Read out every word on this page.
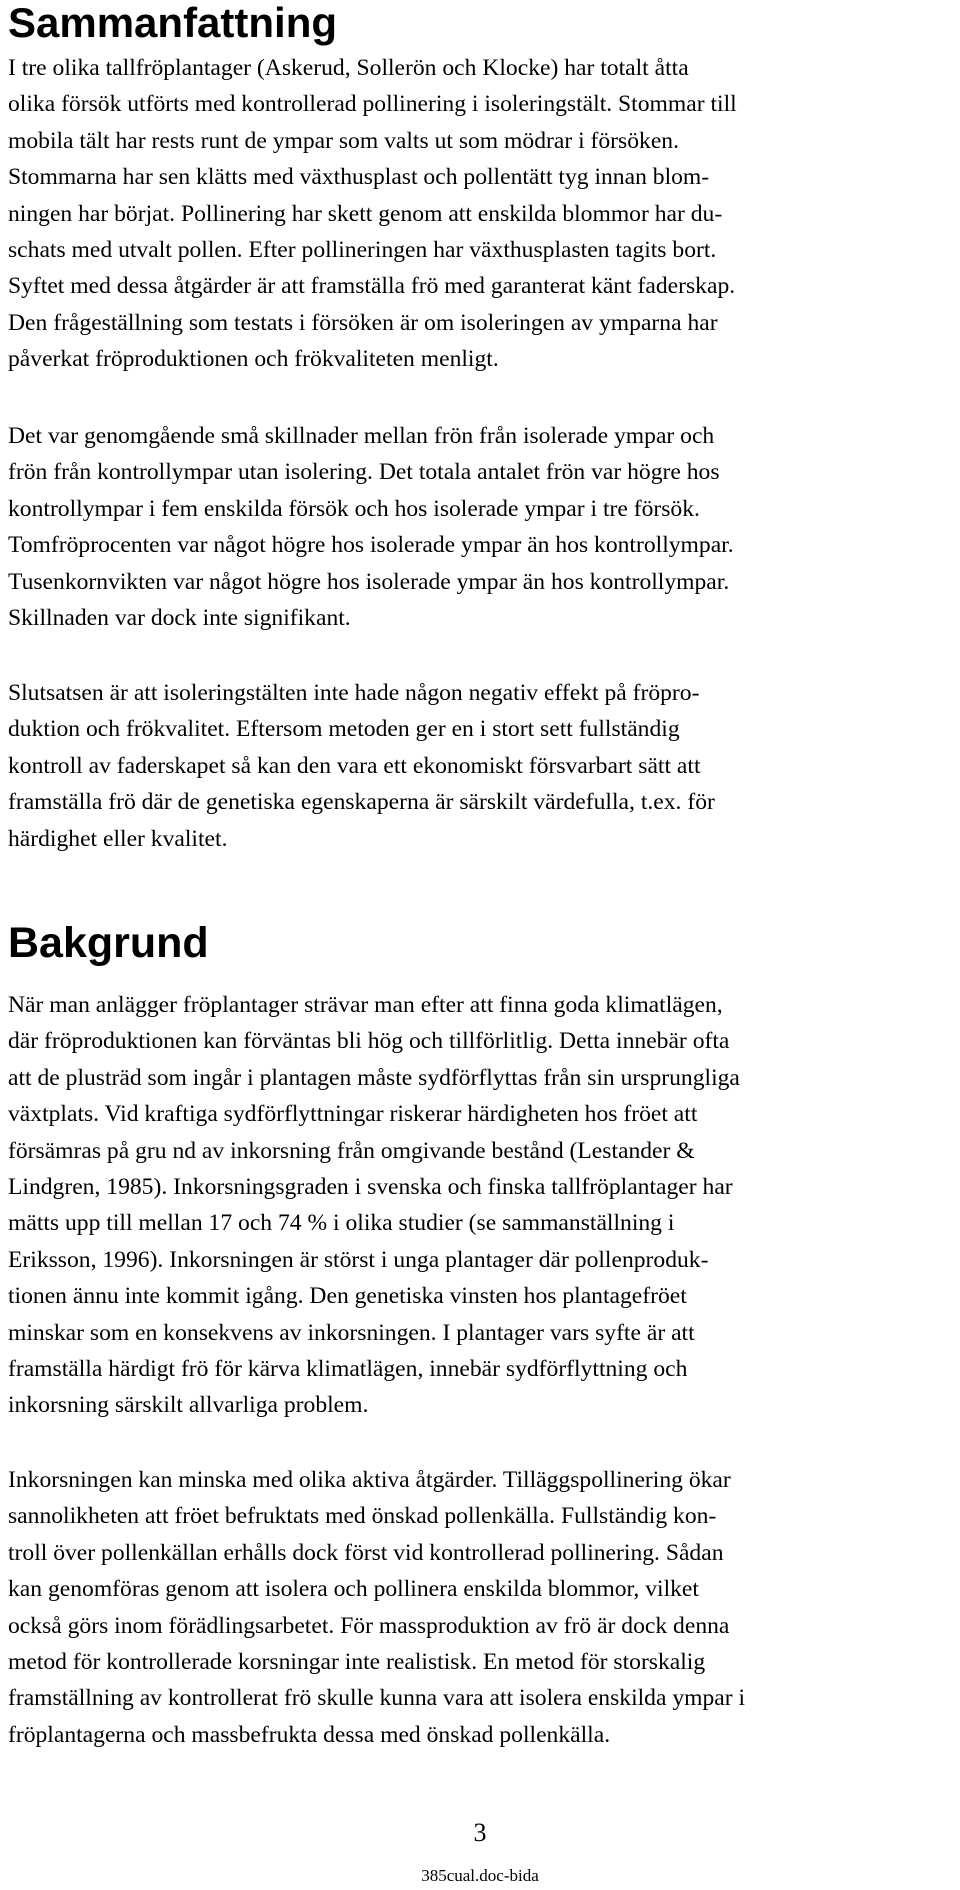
Sammanfattning

I tre olika tallfröplantager (Askerud, Sollerön och Klocke) har totalt åtta
olika försök utförts med kontrollerad pollinering i isoleringstält. Stommar till
mobila tält har rests runt de ympar som valts ut som mödrar i försöken.
Stommarna har sen klätts med växthusplast och pollentätt tyg innan blom-
ningen har börjat. Pollinering har skett genom att enskilda blommor har du-
schats med utvalt pollen. Efter pollineringen har växthusplasten tagits bort.
Syftet med dessa åtgärder är att framställa frö med garanterat känt faderskap.
Den frågeställning som testats i försöken är om isoleringen av ymparna har
påverkat fröproduktionen och frökvaliteten menligt.

Det var genomgående små skillnader mellan frön från isolerade ympar och
frön från kontrollympar utan isolering. Det totala antalet frön var högre hos
kontrollympar i fem enskilda försök och hos isolerade ympar i tre försök.
Tomfröprocenten var något högre hos isolerade ympar än hos kontrollympar.
Tusenkornvikten var något högre hos isolerade ympar än hos kontrollympar.
Skillnaden var dock inte signifikant.

Slutsatsen är att isoleringstälten inte hade någon negativ effekt på fröpro-
duktion och frökvalitet. Eftersom metoden ger en i stort sett fullständig
kontroll av faderskapet så kan den vara ett ekonomiskt försvarbart sätt att
framställa frö där de genetiska egenskaperna är särskilt värdefulla, t.ex. för
härdighet eller kvalitet.

Bakgrund

När man anlägger fröplantager strävar man efter att finna goda klimatlägen,
där fröproduktionen kan förväntas bli hög och tillförlitlig. Detta innebär ofta
att de plusträd som ingår i plantagen måste sydförflyttas från sin ursprungliga
växtplats. Vid kraftiga sydförflyttningar riskerar härdigheten hos fröet att
försämras på gru nd av inkorsning från omgivande bestånd (Lestander &
Lindgren, 1985). Inkorsningsgraden i svenska och finska tallfröplantager har
mätts upp till mellan 17 och 74 % i olika studier (se sammanställning i
Eriksson, 1996). Inkorsningen är störst i unga plantager där pollenproduk-
tionen ännu inte kommit igång. Den genetiska vinsten hos plantagefröet
minskar som en konsekvens av inkorsningen. I plantager vars syfte är att
framställa härdigt frö för kärva klimatlägen, innebär sydförflyttning och
inkorsning särskilt allvarliga problem.

Inkorsningen kan minska med olika aktiva åtgärder. Tilläggspollinering ökar
sannolikheten att fröet befruktats med önskad pollenkälla. Fullständig kon-
troll över pollenkällan erhålls dock först vid kontrollerad pollinering. Sådan
kan genomföras genom att isolera och pollinera enskilda blommor, vilket
också görs inom förädlingsarbetet. För massproduktion av frö är dock denna
metod för kontrollerade korsningar inte realistisk. En metod för storskalig
framställning av kontrollerat frö skulle kunna vara att isolera enskilda ympar i
fröplantagerna och massbefrukta dessa med önskad pollenkälla.

3
385cual.doc-bida
